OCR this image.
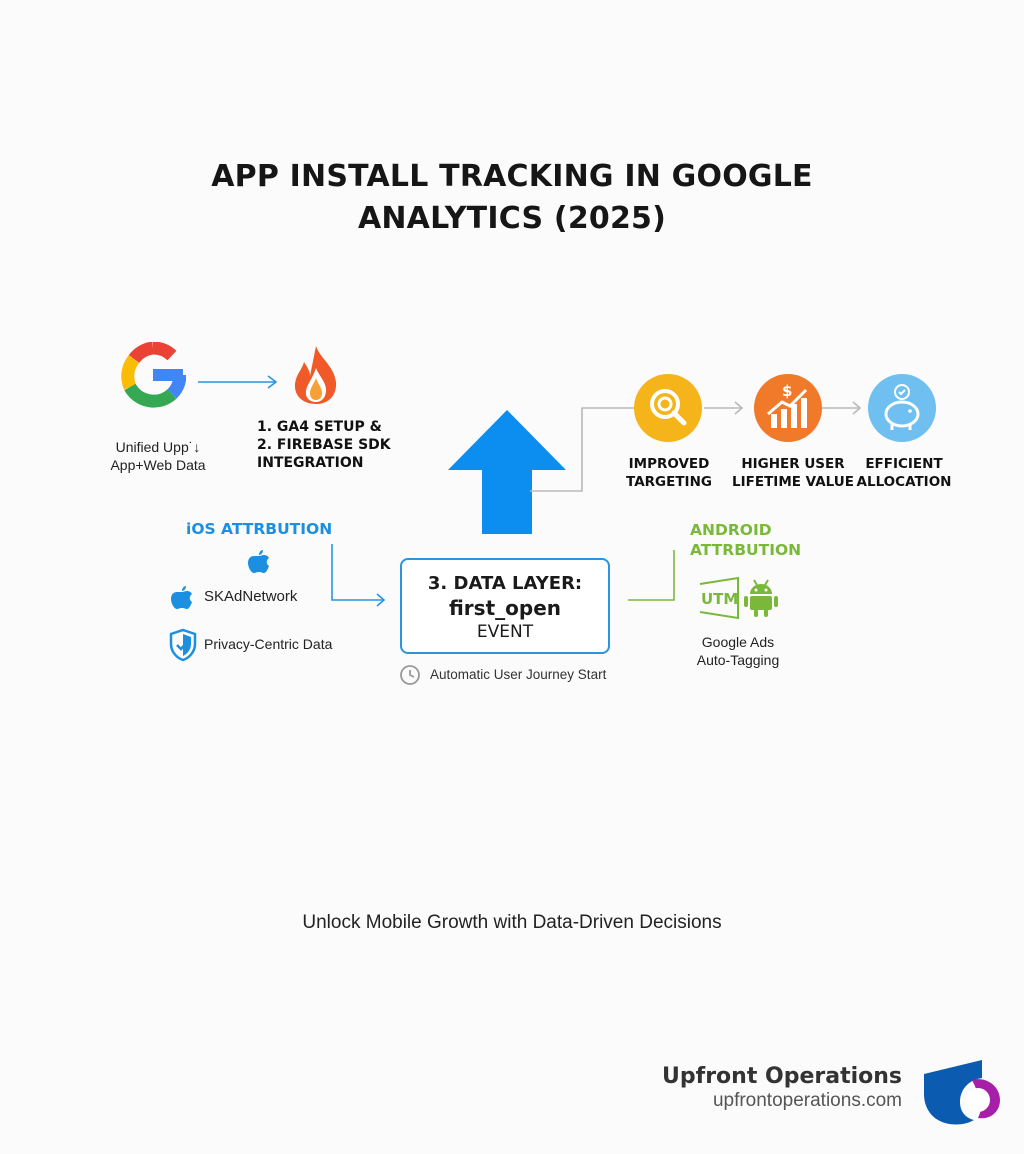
APP INSTALL TRACKING IN GOOGLE
ANALYTICS (2025)
Unified Upp˙↓
App+Web Data
1. GA4 SETUP &
2. FIREBASE SDK
INTEGRATION
$
IMPROVED
TARGETING
HIGHER USER
LIFETIME VALUE
EFFICIENT
ALLOCATION
iOS ATTRBUTION
SKAdNetwork
Privacy-Centric Data
3. DATA LAYER:
first_open
EVENT
Automatic User Journey Start
ANDROID
ATTRBUTION
UTM
Google Ads
Auto-Tagging
Unlock Mobile Growth with Data-Driven Decisions
Upfront Operations
upfrontoperations.com
